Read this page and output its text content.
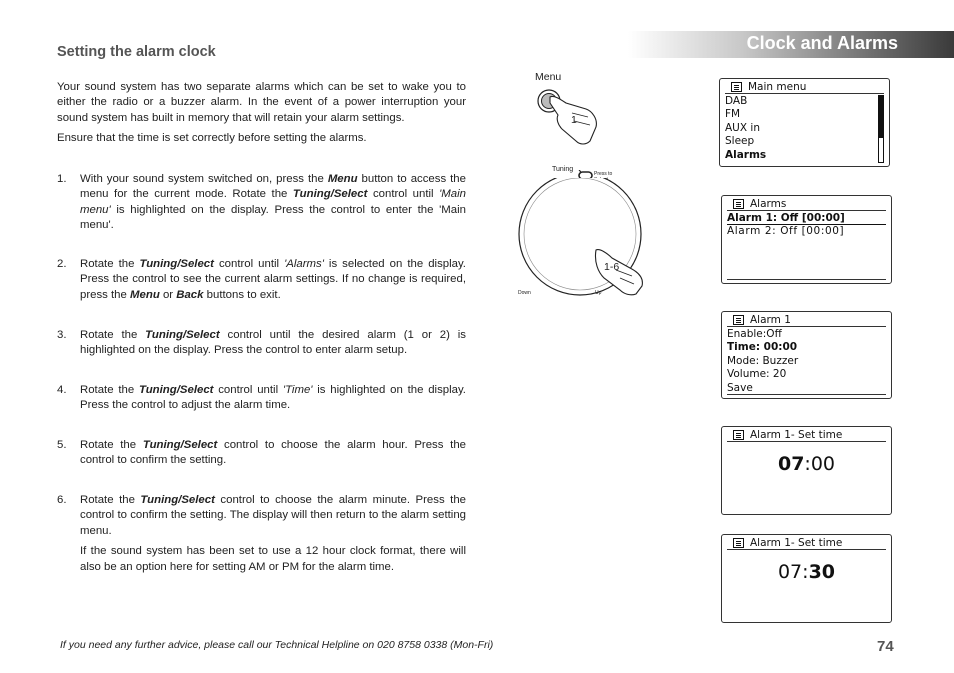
Clock and Alarms
Setting the alarm clock
Your sound system has two separate alarms which can be set to wake you to either the radio or a buzzer alarm. In the event of a power interruption your sound system has built in memory that will retain your alarm settings.
Ensure that the time is set correctly before setting the alarms.
1. With your sound system switched on, press the Menu button to access the menu for the current mode. Rotate the Tuning/Select control until 'Main menu' is highlighted on the display. Press the control to enter the 'Main menu'.
2. Rotate the Tuning/Select control until 'Alarms' is selected on the display. Press the control to see the current alarm settings. If no change is required, press the Menu or Back buttons to exit.
3. Rotate the Tuning/Select control until the desired alarm (1 or 2) is highlighted on the display. Press the control to enter alarm setup.
4. Rotate the Tuning/Select control until 'Time' is highlighted on the display. Press the control to adjust the alarm time.
5. Rotate the Tuning/Select control to choose the alarm hour. Press the control to confirm the setting.
6. Rotate the Tuning/Select control to choose the alarm minute. Press the control to confirm the setting. The display will then return to the alarm setting menu.
If the sound system has been set to use a 12 hour clock format, there will also be an option here for setting AM or PM for the alarm time.
Menu
1
Tuning
Press to
1-6
Down	Up
Main menu
DAB
FM
AUX in
Sleep
Alarms
Alarms
Alarm 1: Off [00:00]
Alarm 2: Off [00:00]
Alarm 1
Enable:Off
Time: 00:00
Mode: Buzzer
Volume: 20
Save
Alarm 1- Set time
07:00
Alarm 1- Set time
07:30
If you need any further advice, please call our Technical Helpline on 020 8758 0338 (Mon-Fri)	74
